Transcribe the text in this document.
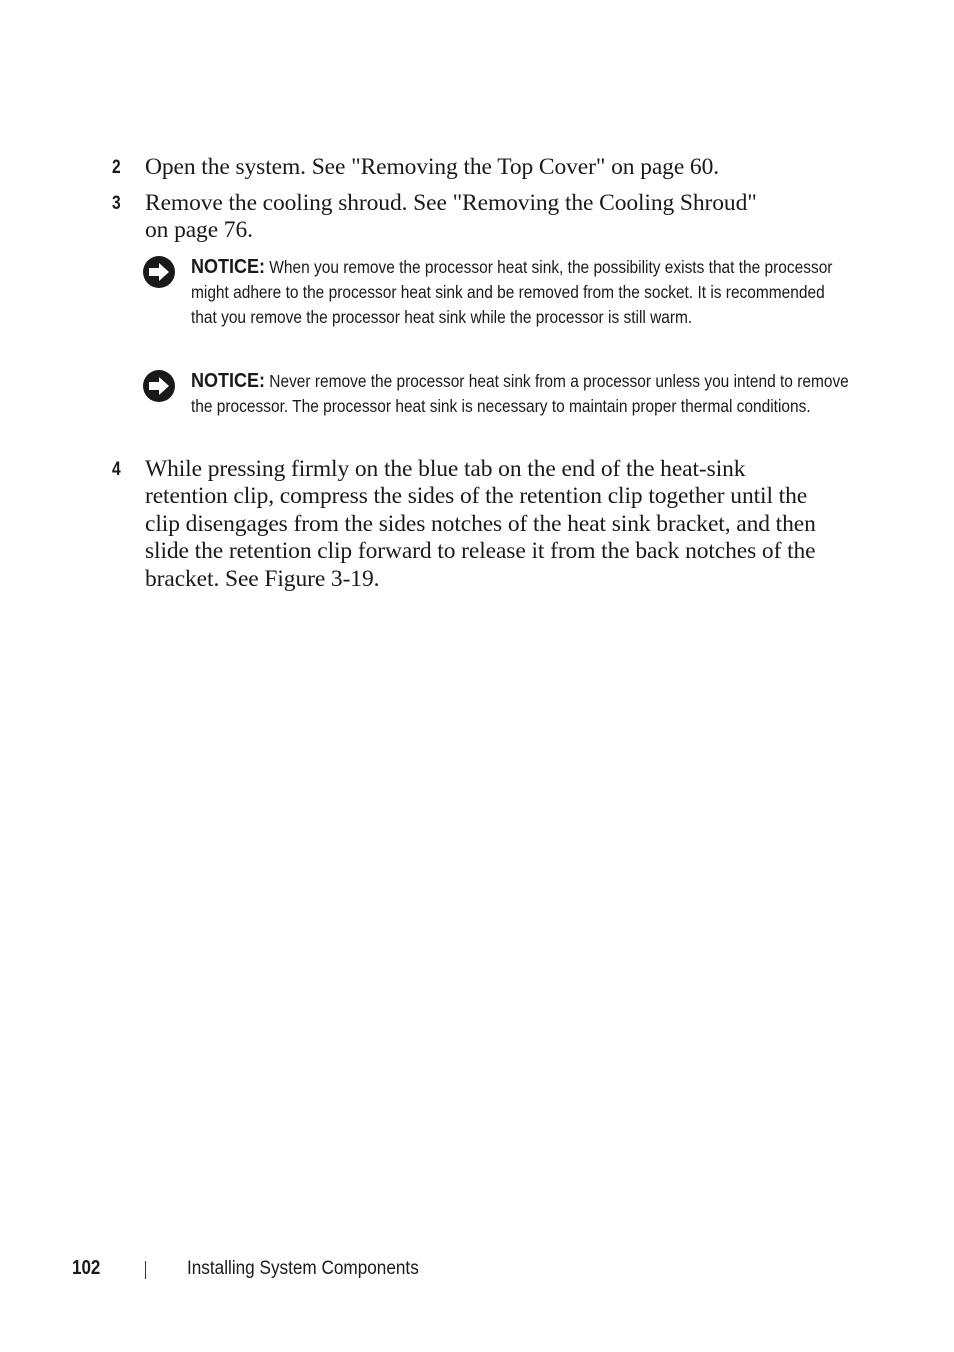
2 Open the system. See "Removing the Top Cover" on page 60.
3 Remove the cooling shroud. See "Removing the Cooling Shroud" on page 76.
NOTICE: When you remove the processor heat sink, the possibility exists that the processor might adhere to the processor heat sink and be removed from the socket. It is recommended that you remove the processor heat sink while the processor is still warm.
NOTICE: Never remove the processor heat sink from a processor unless you intend to remove the processor. The processor heat sink is necessary to maintain proper thermal conditions.
4 While pressing firmly on the blue tab on the end of the heat-sink retention clip, compress the sides of the retention clip together until the clip disengages from the sides notches of the heat sink bracket, and then slide the retention clip forward to release it from the back notches of the bracket. See Figure 3-19.
102	Installing System Components
